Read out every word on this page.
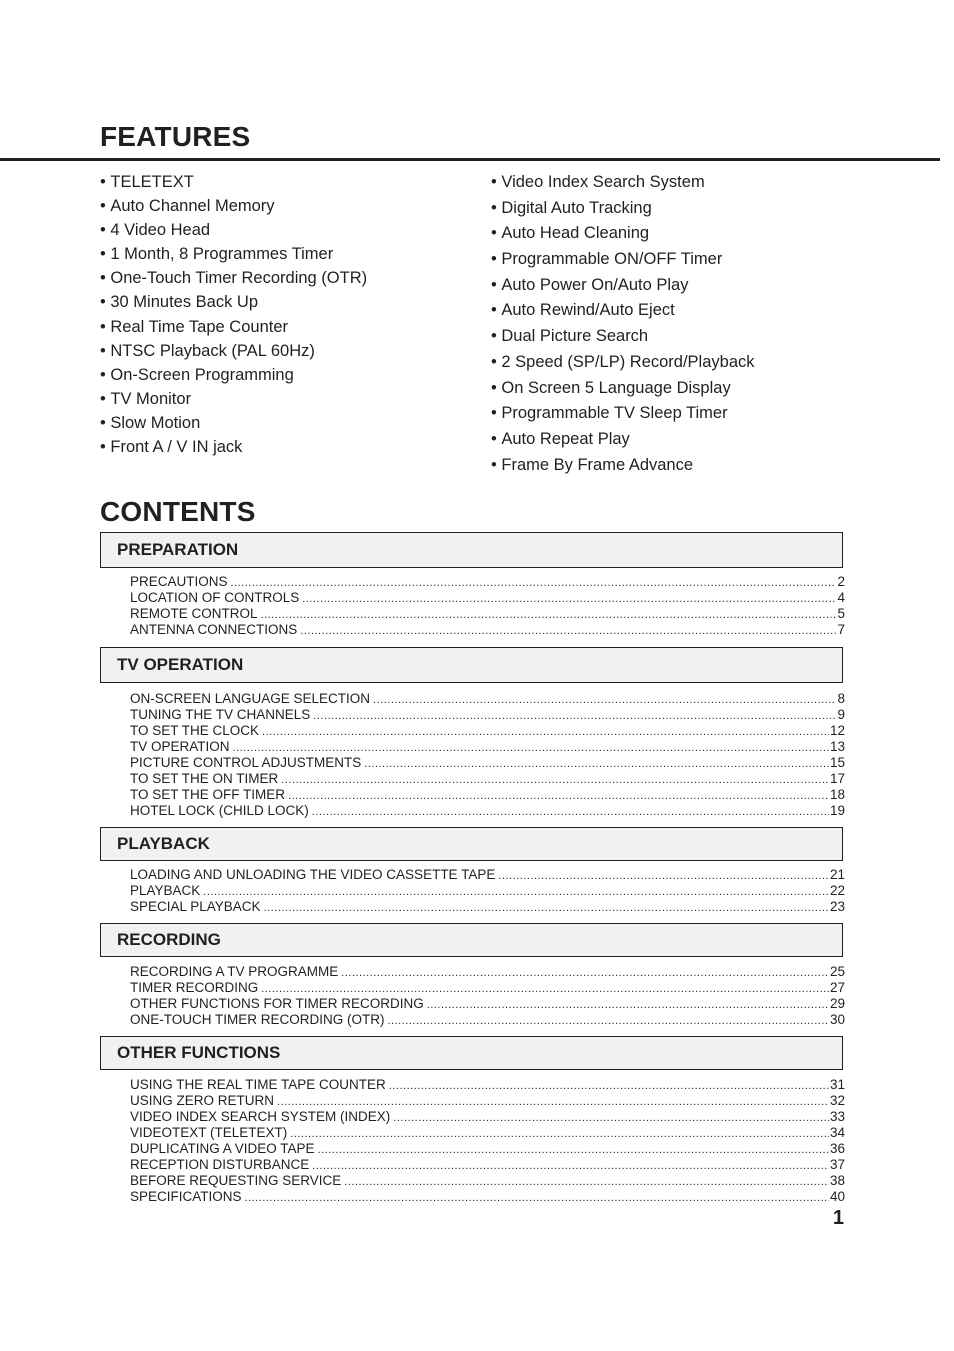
FEATURES
• TELETEXT
• Auto Channel Memory
• 4 Video Head
• 1 Month, 8 Programmes Timer
• One-Touch Timer Recording (OTR)
• 30 Minutes Back Up
• Real Time Tape Counter
• NTSC Playback (PAL 60Hz)
• On-Screen Programming
• TV Monitor
• Slow Motion
• Front A / V IN jack
• Video Index Search System
• Digital Auto Tracking
• Auto Head Cleaning
• Programmable ON/OFF Timer
• Auto Power On/Auto Play
• Auto Rewind/Auto Eject
• Dual Picture Search
• 2 Speed (SP/LP) Record/Playback
• On Screen 5 Language Display
• Programmable TV Sleep Timer
• Auto Repeat Play
• Frame By Frame Advance
CONTENTS
PREPARATION
PRECAUTIONS .....	2
LOCATION OF CONTROLS .....	4
REMOTE CONTROL .....	5
ANTENNA CONNECTIONS .....	7
TV OPERATION
ON-SCREEN LANGUAGE SELECTION .....	8
TUNING THE TV CHANNELS .....	9
TO SET THE CLOCK .....	12
TV OPERATION .....	13
PICTURE CONTROL ADJUSTMENTS .....	15
TO SET THE ON TIMER .....	17
TO SET THE OFF TIMER .....	18
HOTEL LOCK (CHILD LOCK) .....	19
PLAYBACK
LOADING AND UNLOADING THE VIDEO CASSETTE TAPE .....	21
PLAYBACK .....	22
SPECIAL PLAYBACK .....	23
RECORDING
RECORDING A TV PROGRAMME .....	25
TIMER RECORDING .....	27
OTHER FUNCTIONS FOR TIMER RECORDING .....	29
ONE-TOUCH TIMER RECORDING (OTR) .....	30
OTHER FUNCTIONS
USING THE REAL TIME TAPE COUNTER .....	31
USING ZERO RETURN .....	32
VIDEO INDEX SEARCH SYSTEM (INDEX) .....	33
VIDEOTEXT (TELETEXT) .....	34
DUPLICATING A VIDEO TAPE .....	36
RECEPTION DISTURBANCE .....	37
BEFORE REQUESTING SERVICE .....	38
SPECIFICATIONS .....	40
1
